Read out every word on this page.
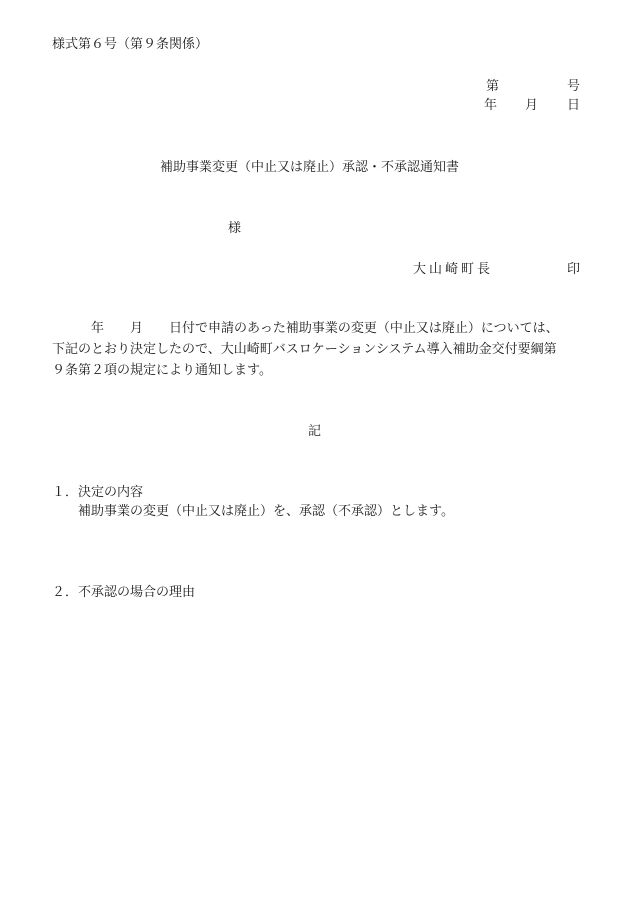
様式第６号（第９条関係）
第	号
年 月 日
補助事業変更（中止又は廃止）承認・不承認通知書
様
大山崎町長	印
　　　年　　月　　日付で申請のあった補助事業の変更（中止又は廃止）については、
下記のとおり決定したので、大山崎町バスロケーションシステム導入補助金交付要綱第
９条第２項の規定により通知します。
記
１．決定の内容
補助事業の変更（中止又は廃止）を、承認（不承認）とします。
２．不承認の場合の理由
